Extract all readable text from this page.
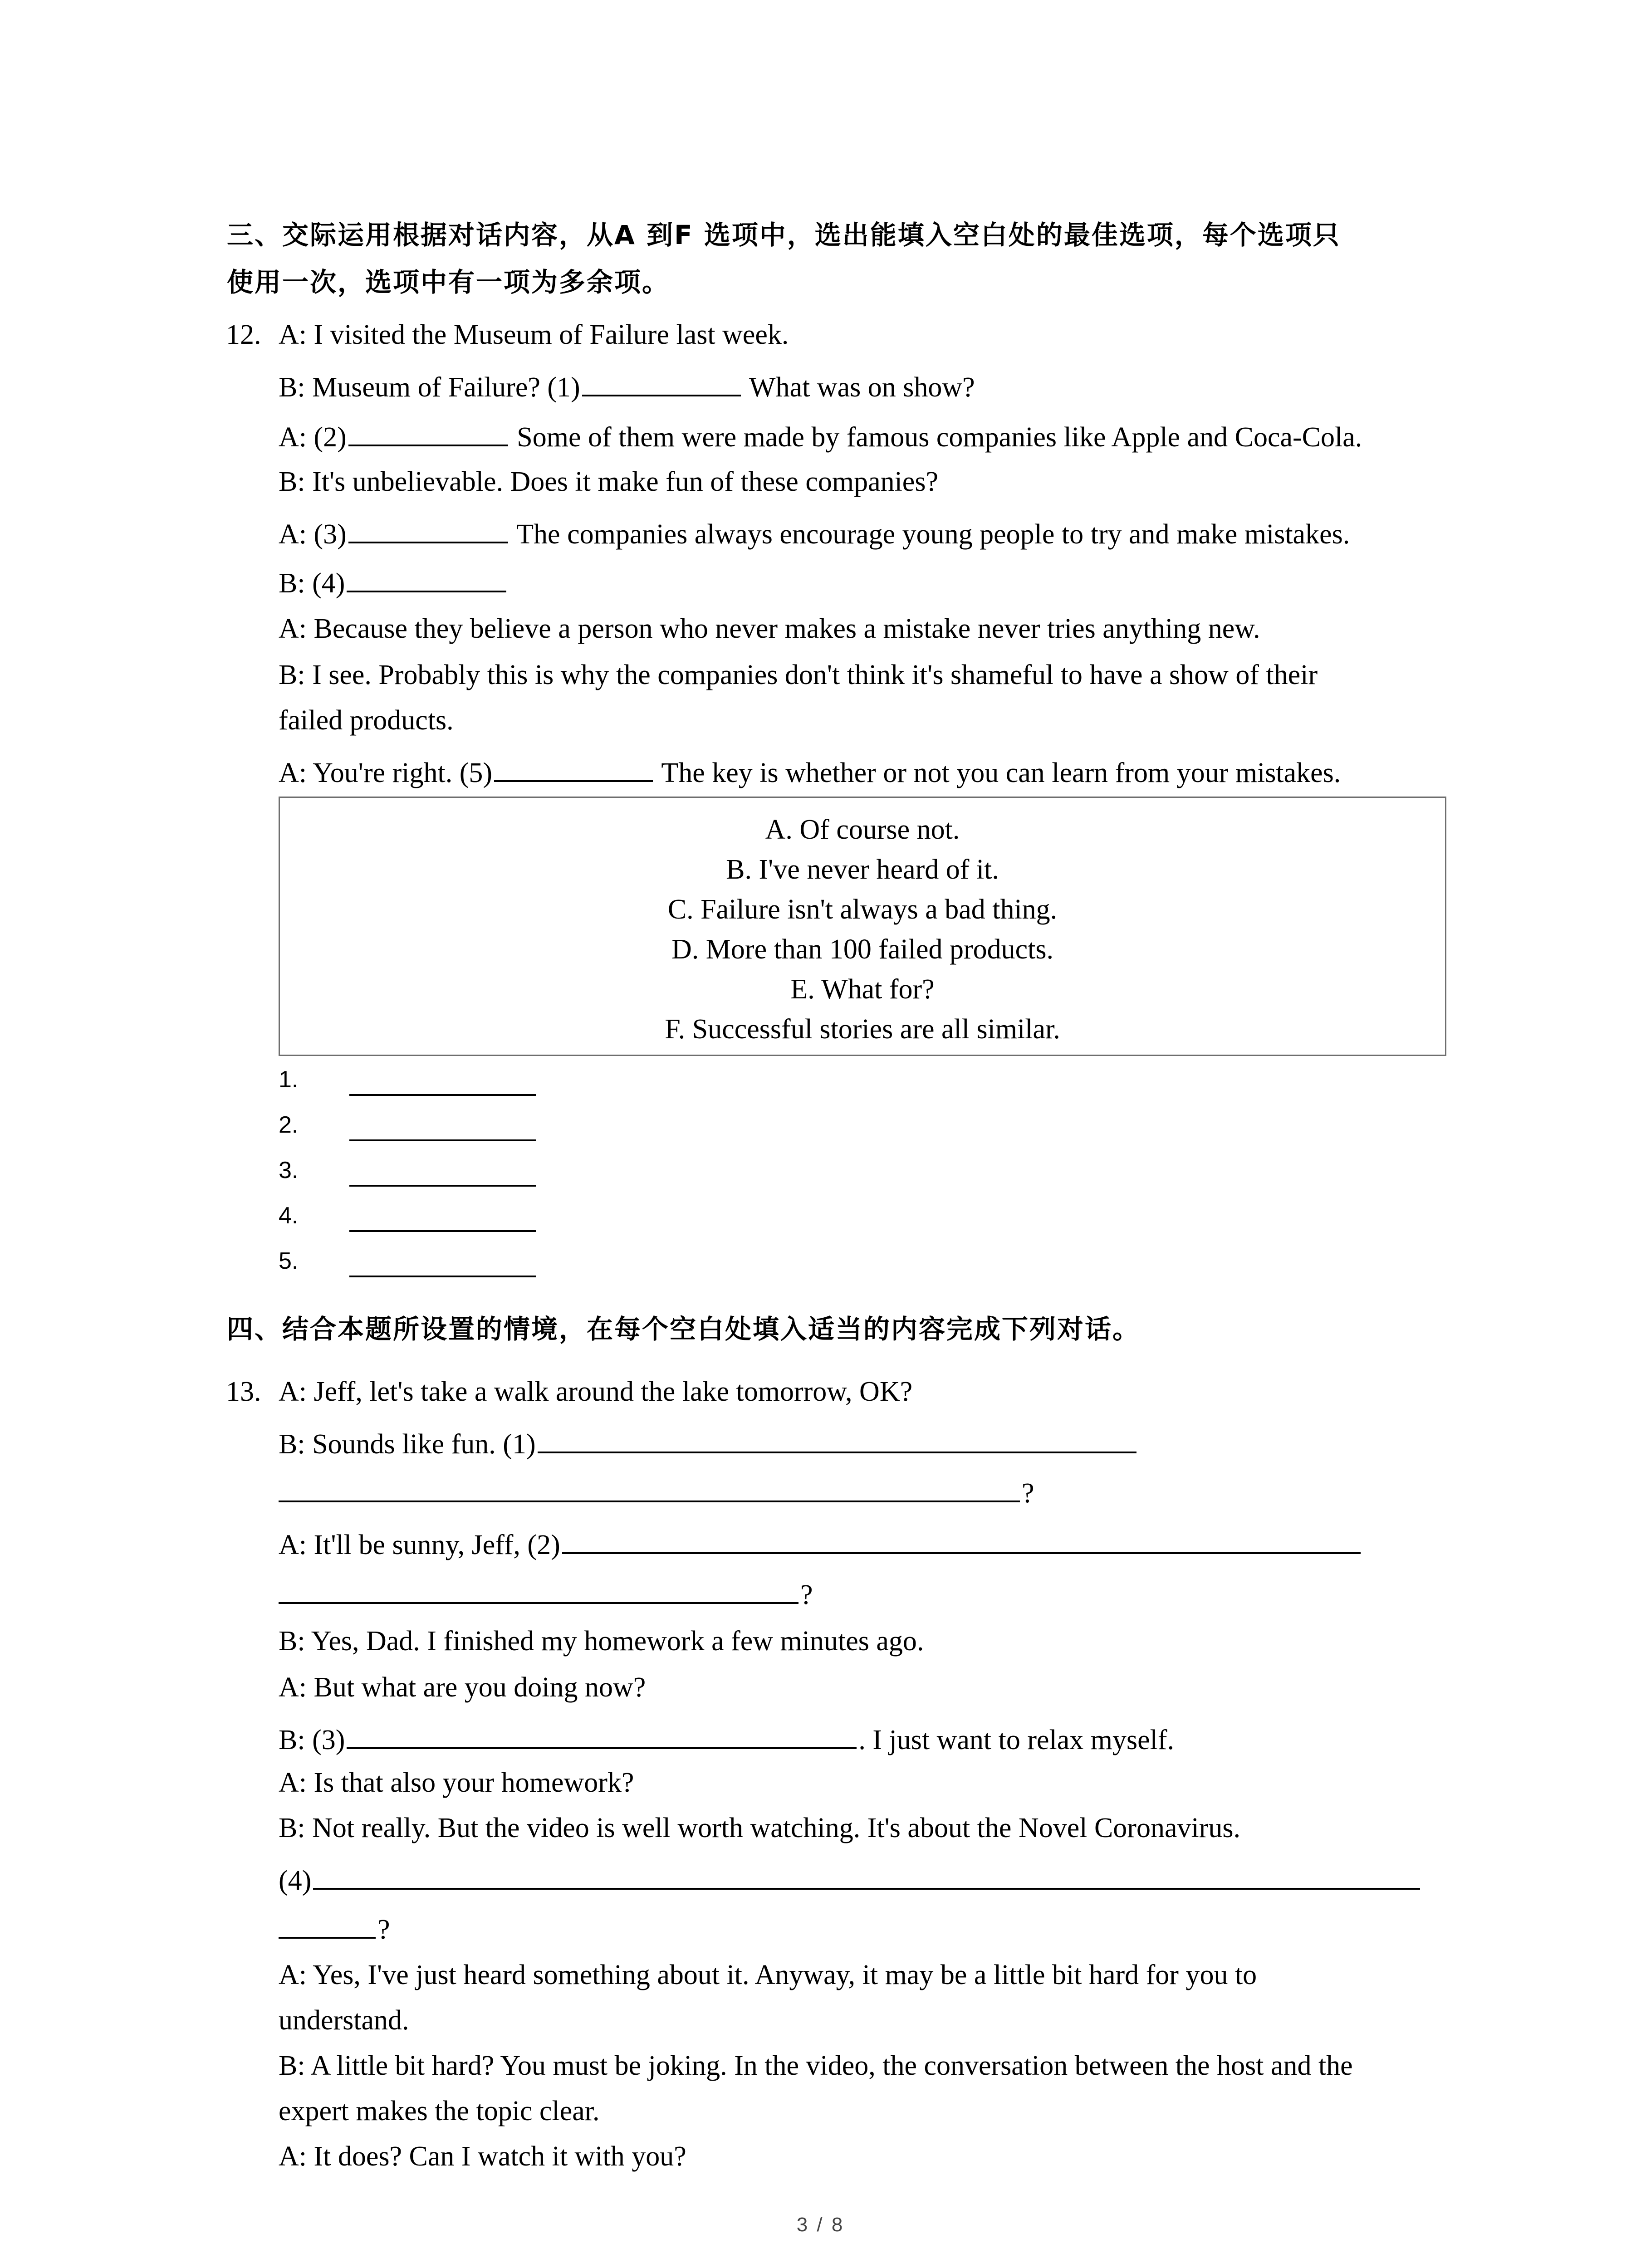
三、交际运用根据对话内容，从A 到F 选项中，选出能填入空白处的最佳选项，每个选项只
使用一次，选项中有一项为多余项。
12. A: I visited the Museum of Failure last week.
B: Museum of Failure? (1)	What was on show?
A: (2)	Some of them were made by famous companies like Apple and Coca-Cola.
B: It's unbelievable. Does it make fun of these companies?
A: (3)	The companies always encourage young people to try and make mistakes.
B: (4)
A: Because they believe a person who never makes a mistake never tries anything new.
B: I see. Probably this is why the companies don't think it's shameful to have a show of their
failed products.
A: You're right. (5)	The key is whether or not you can learn from your mistakes.
A. Of course not.
B. I've never heard of it.
C. Failure isn't always a bad thing.
D. More than 100 failed products.
E. What for?
F. Successful stories are all similar.
1.
2.
3.
4.
5.
四、结合本题所设置的情境，在每个空白处填入适当的内容完成下列对话。
13. A: Jeff, let's take a walk around the lake tomorrow, OK?
B: Sounds like fun. (1)
?
A: It'll be sunny, Jeff, (2)
?
B: Yes, Dad. I finished my homework a few minutes ago.
A: But what are you doing now?
B: (3)	. I just want to relax myself.
A: Is that also your homework?
B: Not really. But the video is well worth watching. It's about the Novel Coronavirus.
(4)
?
A: Yes, I've just heard something about it. Anyway, it may be a little bit hard for you to
understand.
B: A little bit hard? You must be joking. In the video, the conversation between the host and the
expert makes the topic clear.
A: It does? Can I watch it with you?
3 / 8
